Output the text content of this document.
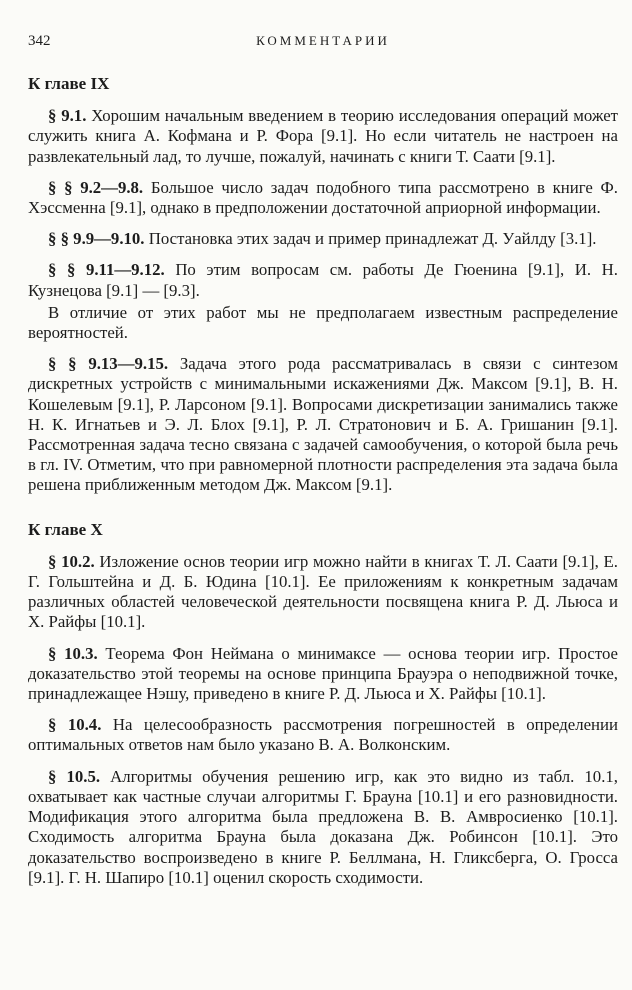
342	КОММЕНТАРИИ
К главе IX

§ 9.1. Хорошим начальным введением в теорию исследования операций может служить книга А. Кофмана и Р. Фора [9.1]. Но если читатель не настроен на развлекательный лад, то лучше, пожалуй, начинать с книги Т. Саати [9.1].

§ § 9.2—9.8. Большое число задач подобного типа рассмотрено в книге Ф. Хэссменна [9.1], однако в предположении достаточной априорной информации.

§ § 9.9—9.10. Постановка этих задач и пример принадлежат Д. Уайлду [3.1].

§ § 9.11—9.12. По этим вопросам см. работы Де Гюенина [9.1], И. Н. Кузнецова [9.1] — [9.3].

В отличие от этих работ мы не предполагаем известным распределение вероятностей.

§ § 9.13—9.15. Задача этого рода рассматривалась в связи с синтезом дискретных устройств с минимальными искажениями Дж. Максом [9.1], В. Н. Кошелевым [9.1], Р. Ларсоном [9.1]. Вопросами дискретизации занимались также Н. К. Игнатьев и Э. Л. Блох [9.1], Р. Л. Стратонович и Б. А. Гришанин [9.1]. Рассмотренная задача тесно связана с задачей самообучения, о которой была речь в гл. IV. Отметим, что при равномерной плотности распределения эта задача была решена приближенным методом Дж. Максом [9.1].

К главе X

§ 10.2. Изложение основ теории игр можно найти в книгах Т. Л. Саати [9.1], Е. Г. Гольштейна и Д. Б. Юдина [10.1]. Ее приложениям к конкретным задачам различных областей человеческой деятельности посвящена книга Р. Д. Льюса и Х. Райфы [10.1].

§ 10.3. Теорема Фон Неймана о минимаксе — основа теории игр. Простое доказательство этой теоремы на основе принципа Брауэра о неподвижной точке, принадлежащее Нэшу, приведено в книге Р. Д. Льюса и Х. Райфы [10.1].

§ 10.4. На целесообразность рассмотрения погрешностей в определении оптимальных ответов нам было указано В. А. Волконским.

§ 10.5. Алгоритмы обучения решению игр, как это видно из табл. 10.1, охватывает как частные случаи алгоритмы Г. Брауна [10.1] и его разновидности. Модификация этого алгоритма была предложена В. В. Амвросиенко [10.1]. Сходимость алгоритма Брауна была доказана Дж. Робинсон [10.1]. Это доказательство воспроизведено в книге Р. Беллмана, Н. Гликсберга, О. Гросса [9.1]. Г. Н. Шапиро [10.1] оценил скорость сходимости.
